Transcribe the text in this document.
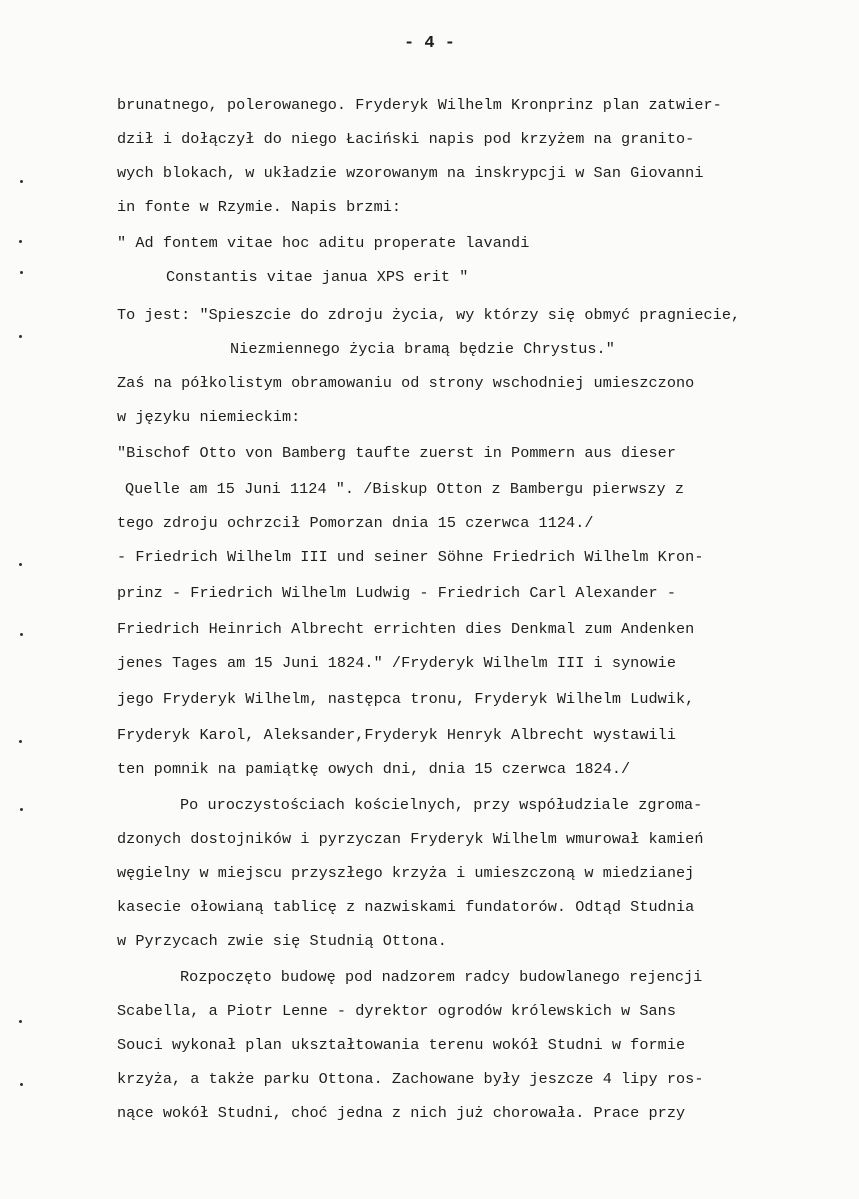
- 4 -
brunatnego, polerowanego. Fryderyk Wilhelm Kronprinz plan zatwier-
dził i dołączył do niego Łaciński napis pod krzyżem na granito-
wych blokach, w układzie wzorowanym na inskrypcji w San Giovanni
in fonte w Rzymie. Napis brzmi:
" Ad fontem vitae hoc aditu properate lavandi
Constantis vitae janua XPS erit "
To jest: "Spieszcie do zdroju życia, wy którzy się obmyć pragniecie,
Niezmiennego życia bramą będzie Chrystus."
Zaś na półkolistym obramowaniu od strony wschodniej umieszczono
w języku niemieckim:
"Bischof Otto von Bamberg taufte zuerst in Pommern aus dieser
Quelle am 15 Juni 1124 ". /Biskup Otton z Bambergu pierwszy z
tego zdroju ochrzcił Pomorzan dnia 15 czerwca 1124./
- Friedrich Wilhelm III und seiner Söhne Friedrich Wilhelm Kron-
prinz - Friedrich Wilhelm Ludwig - Friedrich Carl Alexander -
Friedrich Heinrich Albrecht errichten dies Denkmal zum Andenken
jenes Tages am 15 Juni 1824." /Fryderyk Wilhelm III i synowie
jego Fryderyk Wilhelm, następca tronu, Fryderyk Wilhelm Ludwik,
Fryderyk Karol, Aleksander,Fryderyk Henryk Albrecht wystawili
ten pomnik na pamiątkę owych dni, dnia 15 czerwca 1824./
Po uroczystościach kościelnych, przy współudziale zgroma-
dzonych dostojników i pyrzyczan Fryderyk Wilhelm wmurował kamień
węgielny w miejscu przyszłego krzyża i umieszczoną w miedzianej
kasecie ołowianą tablicę z nazwiskami fundatorów. Odtąd Studnia
w Pyrzycach zwie się Studnią Ottona.
Rozpoczęto budowę pod nadzorem radcy budowlanego rejencji
Scabella, a Piotr Lenne - dyrektor ogrodów królewskich w Sans
Souci wykonał plan ukształtowania terenu wokół Studni w formie
krzyża, a także parku Ottona. Zachowane były jeszcze 4 lipy ros-
nące wokół Studni, choć jedna z nich już chorowała. Prace przy
